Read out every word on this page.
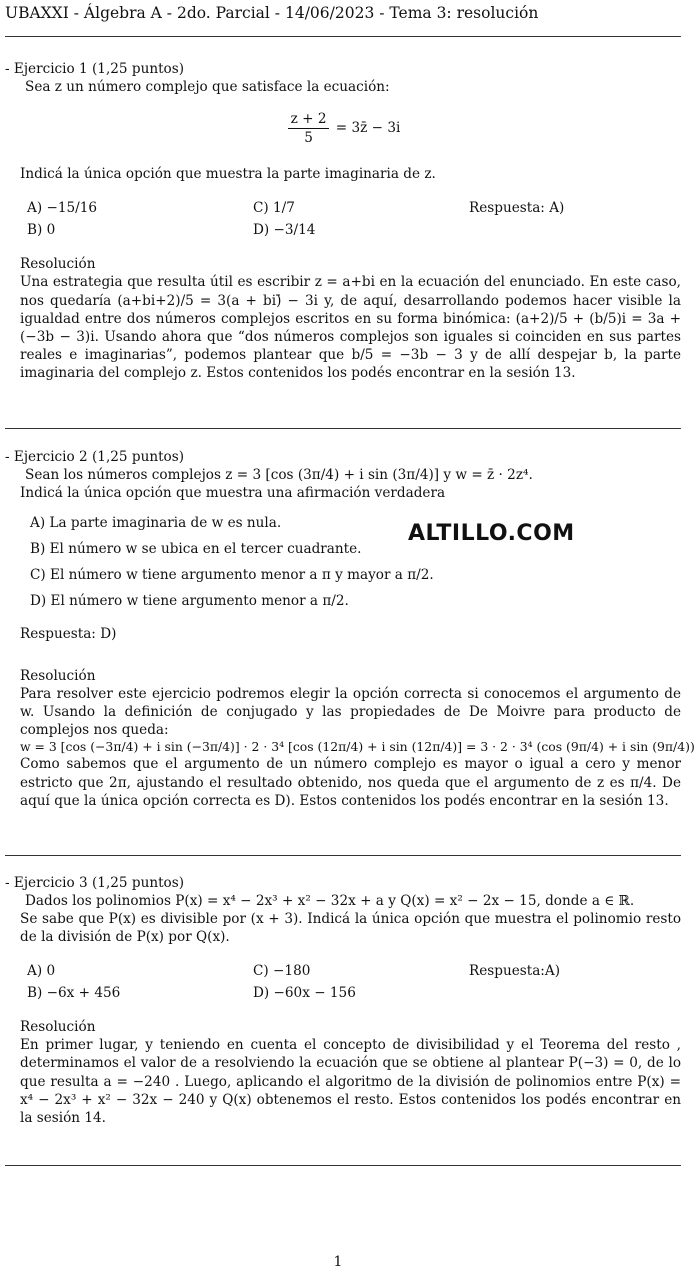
UBAXXI - Álgebra A - 2do. Parcial - 14/06/2023 - Tema 3: resolución
- Ejercicio 1 (1,25 puntos)
Sea z un número complejo que satisface la ecuación:
$\frac{z + 2}{5}$ = 3z̄ − 3i
Indicá la única opción que muestra la parte imaginaria de z.
A) −15/16	C) 1/7	Respuesta: A)
B) 0	D) −3/14
Resolución
Una estrategia que resulta útil es escribir z = a+bi en la ecuación del enunciado. En este caso, nos quedaría (a+bi+2)/5 = 3(a + bi)̄ − 3i y, de aquí, desarrollando podemos hacer visible la igualdad entre dos números complejos escritos en su forma binómica: (a+2)/5 + (b/5)i = 3a + (−3b − 3)i. Usando ahora que “dos números complejos son iguales si coinciden en sus partes reales e imaginarias”, podemos plantear que b/5 = −3b − 3 y de allí despejar b, la parte imaginaria del complejo z. Estos contenidos los podés encontrar en la sesión 13.
- Ejercicio 2 (1,25 puntos)
Sean los números complejos z = 3 [cos (3π/4) + i sin (3π/4)] y w = z̄ · 2z⁴.
Indicá la única opción que muestra una afirmación verdadera
A) La parte imaginaria de w es nula.
B) El número w se ubica en el tercer cuadrante.
C) El número w tiene argumento menor a π y mayor a π/2.
D) El número w tiene argumento menor a π/2.
Respuesta: D)
Resolución
Para resolver este ejercicio podremos elegir la opción correcta si conocemos el argumento de w. Usando la definición de conjugado y las propiedades de De Moivre para producto de complejos nos queda:
w = 3 [cos (−3π/4) + i sin (−3π/4)] · 2 · 3⁴ [cos (12π/4) + i sin (12π/4)] = 3 · 2 · 3⁴ (cos (9π/4) + i sin (9π/4))
Como sabemos que el argumento de un número complejo es mayor o igual a cero y menor estricto que 2π, ajustando el resultado obtenido, nos queda que el argumento de z es π/4. De aquí que la única opción correcta es D). Estos contenidos los podés encontrar en la sesión 13.
ALTILLO.COM
- Ejercicio 3 (1,25 puntos)
Dados los polinomios P(x) = x⁴ − 2x³ + x² − 32x + a y Q(x) = x² − 2x − 15, donde a ∈ ℝ.
Se sabe que P(x) es divisible por (x + 3). Indicá la única opción que muestra el polinomio resto de la división de P(x) por Q(x).
A) 0	C) −180	Respuesta:A)
B) −6x + 456	D) −60x − 156
Resolución
En primer lugar, y teniendo en cuenta el concepto de divisibilidad y el Teorema del resto , determinamos el valor de a resolviendo la ecuación que se obtiene al plantear P(−3) = 0, de lo que resulta a = −240 . Luego, aplicando el algoritmo de la división de polinomios entre P(x) = x⁴ − 2x³ + x² − 32x − 240 y Q(x) obtenemos el resto. Estos contenidos los podés encontrar en la sesión 14.
1
